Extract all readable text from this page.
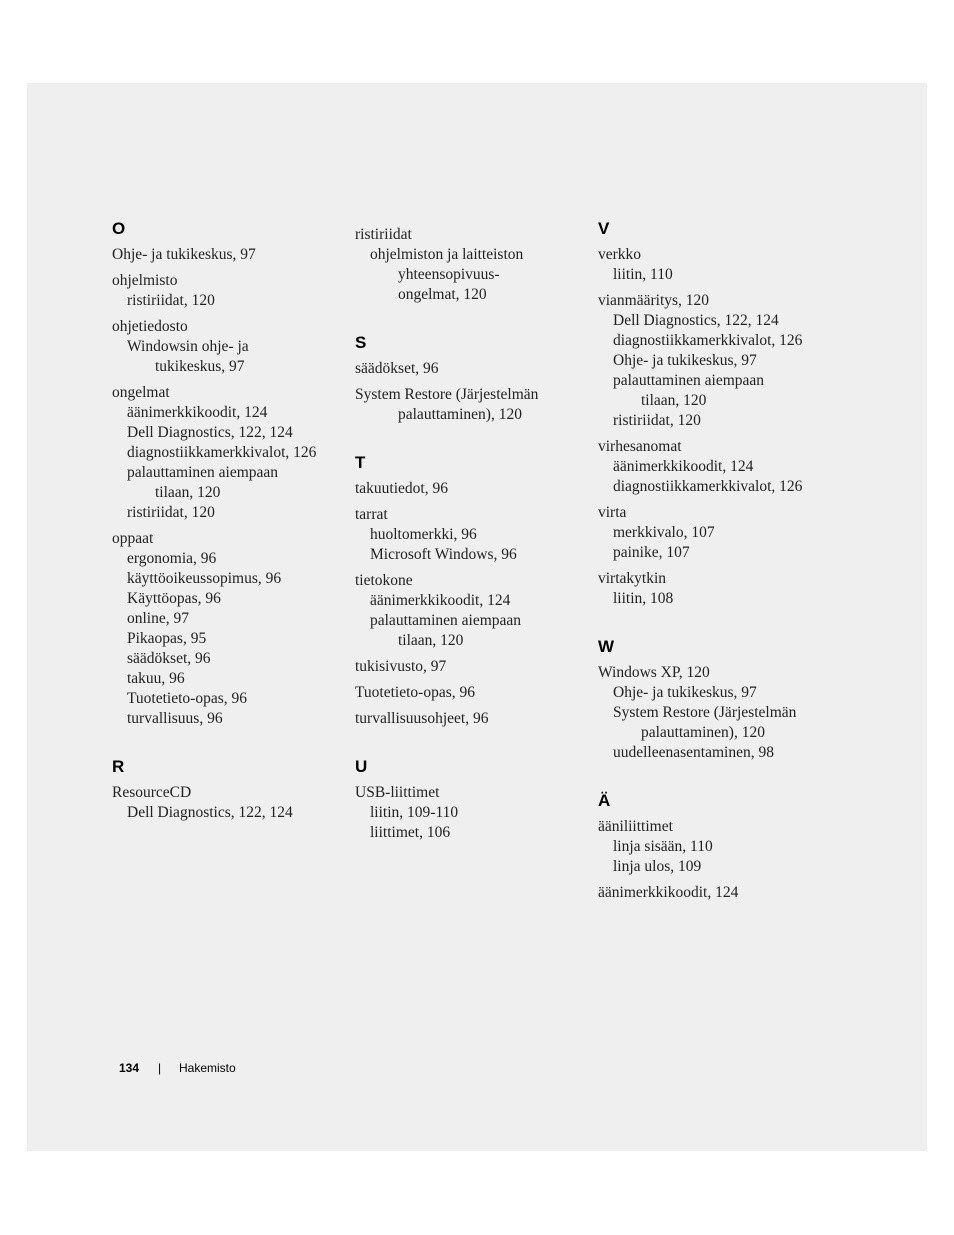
O
Ohje- ja tukikeskus, 97
ohjelmisto
ristiriidat, 120
ohjetiedosto
Windowsin ohje- ja
tukikeskus, 97
ongelmat
äänimerkkikoodit, 124
Dell Diagnostics, 122, 124
diagnostiikkamerkkivalot, 126
palauttaminen aiempaan
tilaan, 120
ristiriidat, 120
oppaat
ergonomia, 96
käyttöoikeussopimus, 96
Käyttöopas, 96
online, 97
Pikaopas, 95
säädökset, 96
takuu, 96
Tuotetieto-opas, 96
turvallisuus, 96
R
ResourceCD
Dell Diagnostics, 122, 124
ristiriidat
ohjelmiston ja laitteiston
yhteensopivuus-
ongelmat, 120
S
säädökset, 96
System Restore (Järjestelmän
palauttaminen), 120
T
takuutiedot, 96
tarrat
huoltomerkki, 96
Microsoft Windows, 96
tietokone
äänimerkkikoodit, 124
palauttaminen aiempaan
tilaan, 120
tukisivusto, 97
Tuotetieto-opas, 96
turvallisuusohjeet, 96
U
USB-liittimet
liitin, 109-110
liittimet, 106
V
verkko
liitin, 110
vianmääritys, 120
Dell Diagnostics, 122, 124
diagnostiikkamerkkivalot, 126
Ohje- ja tukikeskus, 97
palauttaminen aiempaan
tilaan, 120
ristiriidat, 120
virhesanomat
äänimerkkikoodit, 124
diagnostiikkamerkkivalot, 126
virta
merkkivalo, 107
painike, 107
virtakytkin
liitin, 108
W
Windows XP, 120
Ohje- ja tukikeskus, 97
System Restore (Järjestelmän
palauttaminen), 120
uudelleenasentaminen, 98
Ä
ääniliittimet
linja sisään, 110
linja ulos, 109
äänimerkkikoodit, 124
134 | Hakemisto
